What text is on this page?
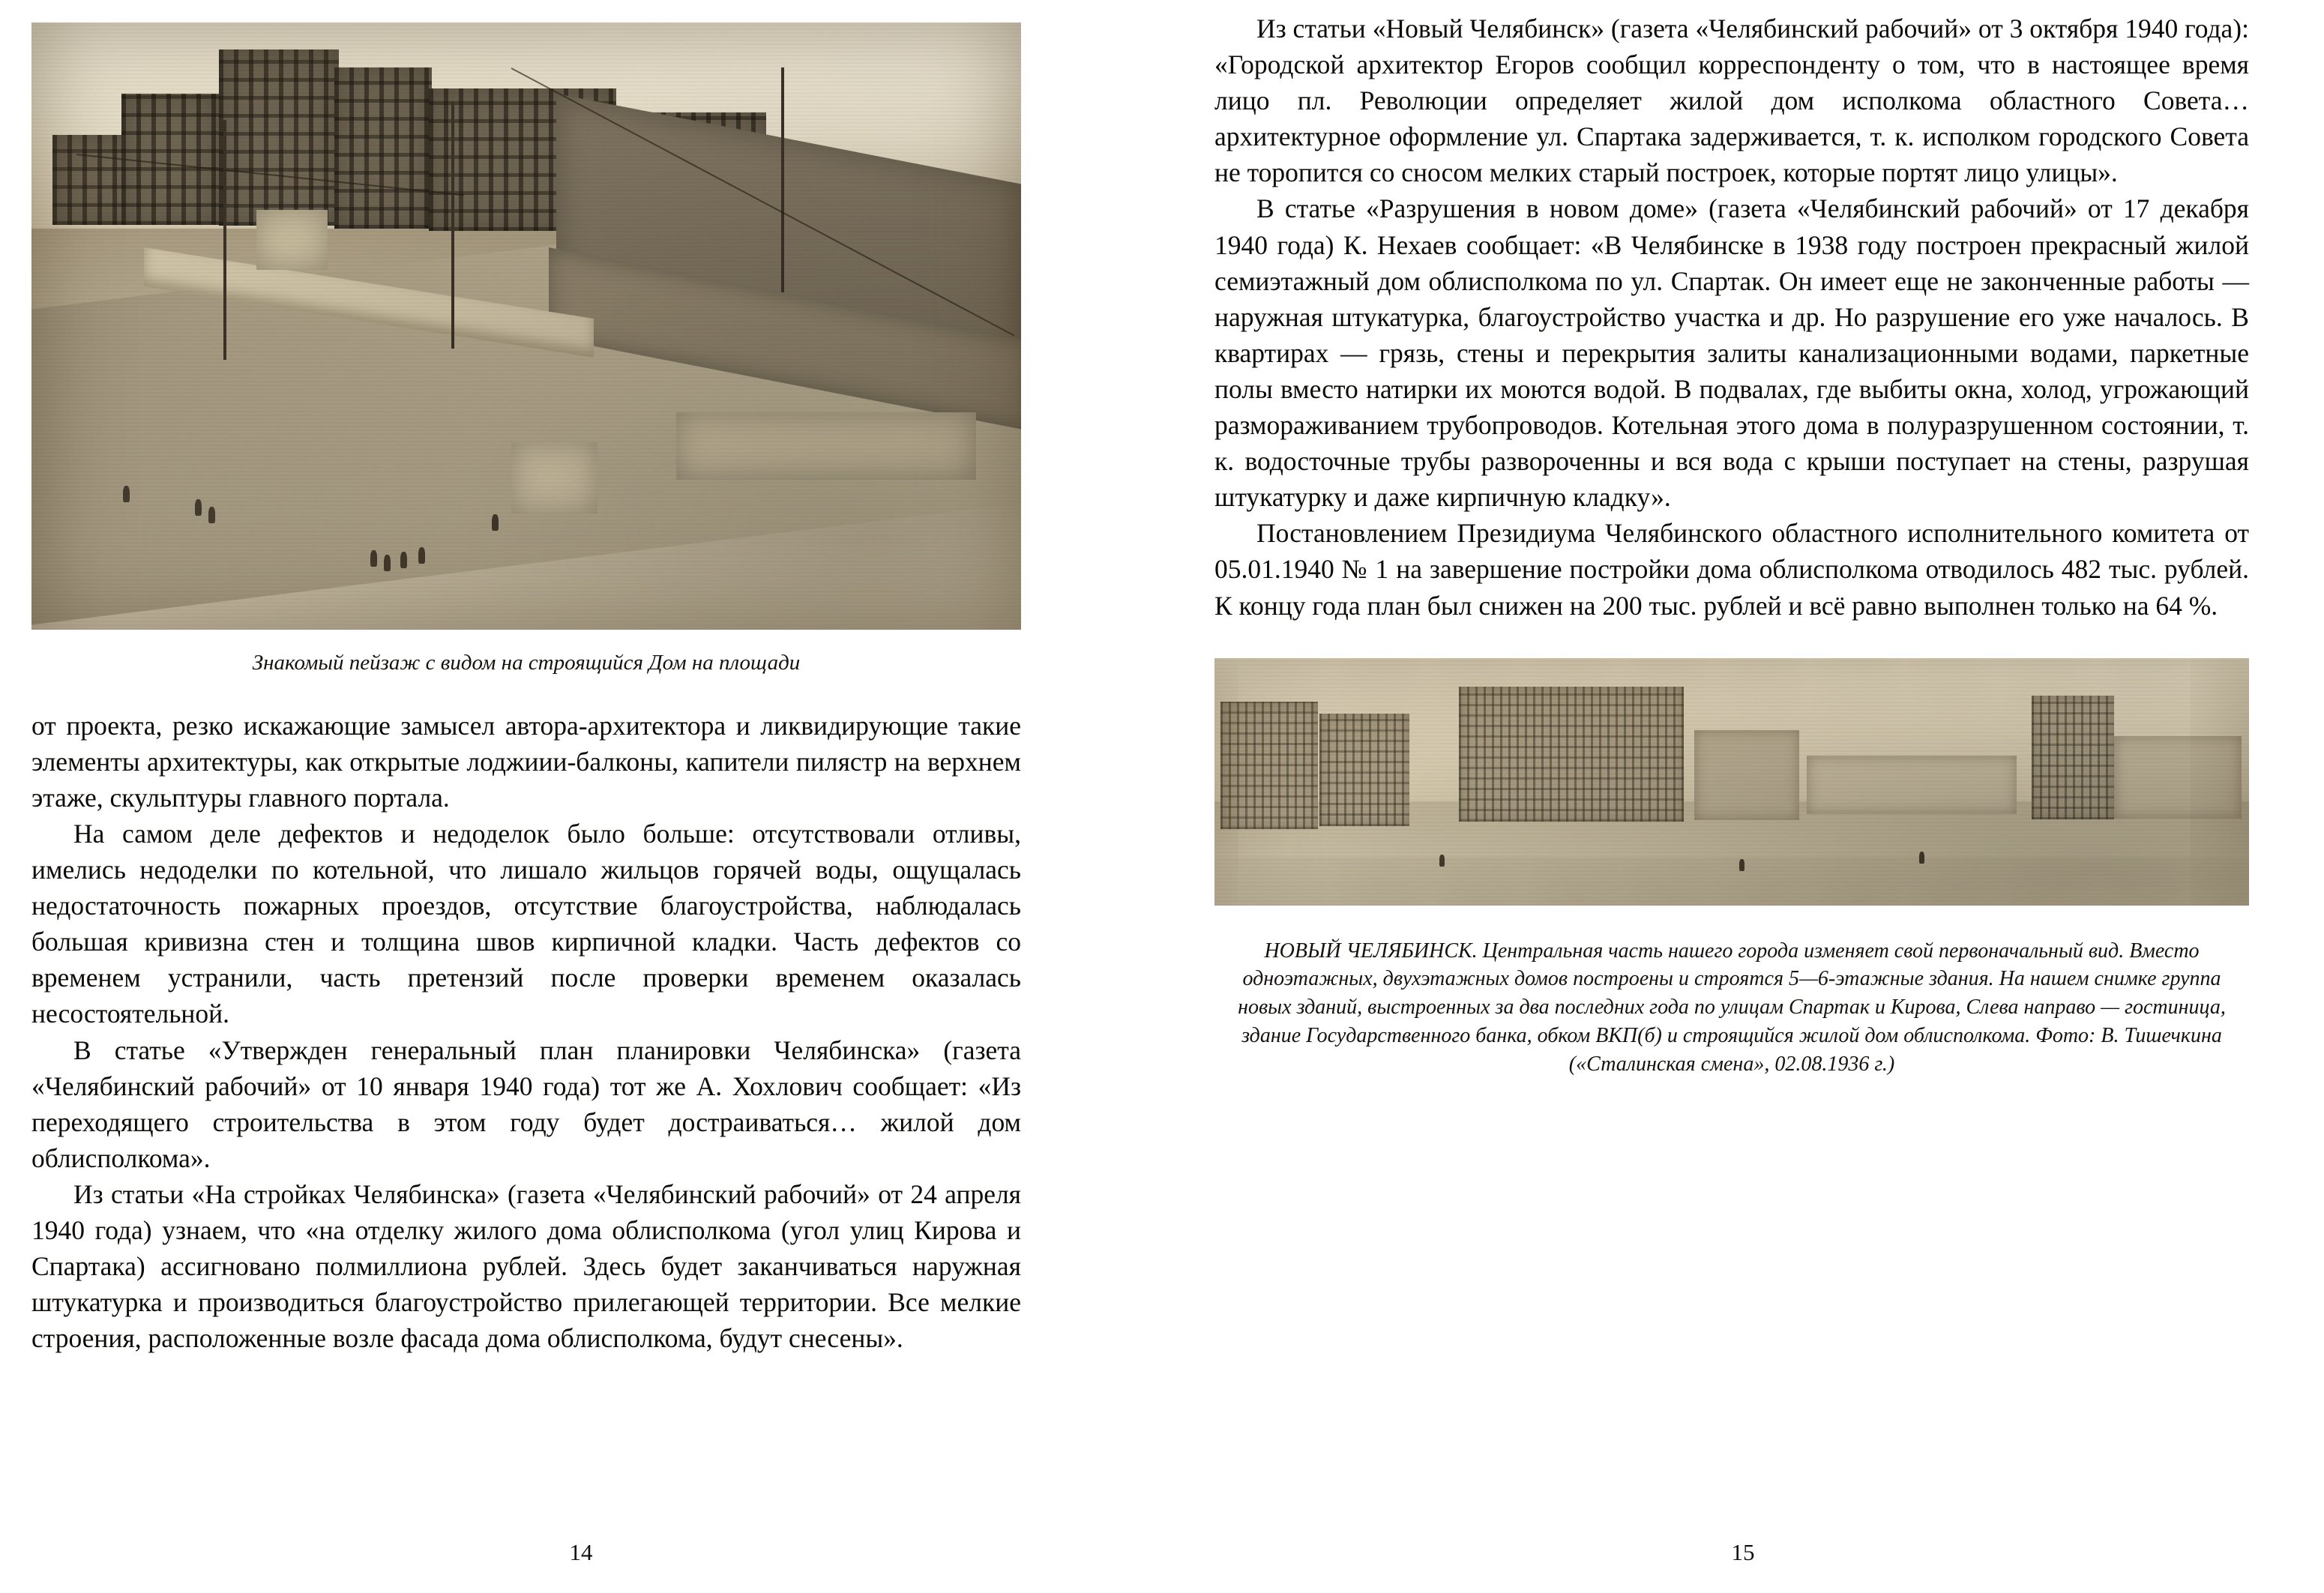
Знакомый пейзаж с видом на строящийся Дом на площади

от проекта, резко искажающие замысел автора-архитектора и ликвидирующие такие элементы архитектуры, как открытые лоджиии-балконы, капители пилястр на верхнем этаже, скульптуры главного портала.

На самом деле дефектов и недоделок было больше: отсутствовали отливы, имелись недоделки по котельной, что лишало жильцов горячей воды, ощущалась недостаточность пожарных проездов, отсутствие благоустройства, наблюдалась большая кривизна стен и толщина швов кирпичной кладки. Часть дефектов со временем устранили, часть претензий после проверки временем оказалась несостоятельной.

В статье «Утвержден генеральный план планировки Челябинска» (газета «Челябинский рабочий» от 10 января 1940 года) тот же А. Хохлович сообщает: «Из переходящего строительства в этом году будет достраиваться… жилой дом облисполкома».

Из статьи «На стройках Челябинска» (газета «Челябинский рабочий» от 24 апреля 1940 года) узнаем, что «на отделку жилого дома облисполкома (угол улиц Кирова и Спартака) ассигновано полмиллиона рублей. Здесь будет заканчиваться наружная штукатурка и производиться благоустройство прилегающей территории. Все мелкие строения, расположенные возле фасада дома облисполкома, будут снесены».

Из статьи «Новый Челябинск» (газета «Челябинский рабочий» от 3 октября 1940 года): «Городской архитектор Егоров сообщил корреспонденту о том, что в настоящее время лицо пл. Революции определяет жилой дом исполкома областного Совета… архитектурное оформление ул. Спартака задерживается, т. к. исполком городского Совета не торопится со сносом мелких старый построек, которые портят лицо улицы».

В статье «Разрушения в новом доме» (газета «Челябинский рабочий» от 17 декабря 1940 года) К. Нехаев сообщает: «В Челябинске в 1938 году построен прекрасный жилой семиэтажный дом облисполкома по ул. Спартак. Он имеет еще не законченные работы — наружная штукатурка, благоустройство участка и др. Но разрушение его уже началось. В квартирах — грязь, стены и перекрытия залиты канализационными водами, паркетные полы вместо натирки их моются водой. В подвалах, где выбиты окна, холод, угрожающий размораживанием трубопроводов. Котельная этого дома в полуразрушенном состоянии, т. к. водосточные трубы развороченны и вся вода с крыши поступает на стены, разрушая штукатурку и даже кирпичную кладку».

Постановлением Президиума Челябинского областного исполнительного комитета от 05.01.1940 № 1 на завершение постройки дома облисполкома отводилось 482 тыс. рублей. К концу года план был снижен на 200 тыс. рублей и всё равно выполнен только на 64 %.

НОВЫЙ ЧЕЛЯБИНСК. Центральная часть нашего города изменяет свой первоначальный вид. Вместо одноэтажных, двухэтажных домов построены и строятся 5—6-этажные здания. На нашем снимке группа новых зданий, выстроенных за два последних года по улицам Спартак и Кирова, Слева направо — гостиница, здание Государственного банка, обком ВКП(б) и строящийся жилой дом облисполкома. Фото: В. Тишечкина («Сталинская смена», 02.08.1936 г.)
14	15
